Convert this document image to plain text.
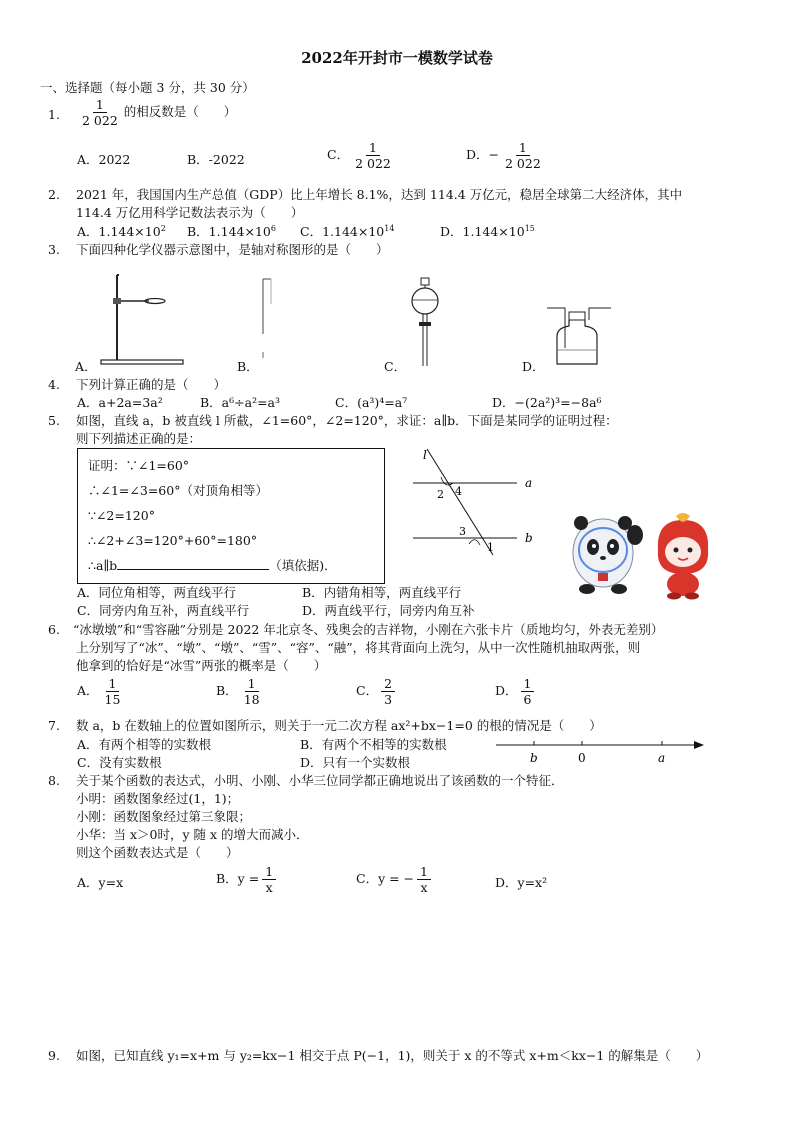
2022年开封市一模数学试卷
一、选择题（每小题 3 分，共 30 分）
1. $\frac{1}{2 022}$ 的相反数是（　　）
A．2022	B．-2022	C． $\frac{1}{2 022}$	D．− $\frac{1}{2 022}$
2. 2021 年，我国国内生产总值（GDP）比上年增长 8.1%，达到 114.4 万亿元，稳居全球第二大经济体，其中
114.4 万亿用科学记数法表示为（　　）
A．$1.144\times 10^2$ B．$1.144\times 10^6$ C．$1.144\times 10^{14}$	D．$1.144\times 10^{15}$
3. 下面四种化学仪器示意图中，是轴对称图形的是（　　）
A．	B．	C．	D．
4. 下列计算正确的是（　　）
A．a+2a=3a²	B．a⁶÷a²=a³	C．(a³)⁴=a⁷	D．−(2a²)³=−8a⁶
5. 如图，直线 a，b 被直线 l 所截，∠1=60°，∠2=120°，求证：a∥b．下面是某同学的证明过程：
则下列描述正确的是：
证明：∵∠1=60°
∴∠1=∠3=60°（对顶角相等）
∵∠2=120°
∴∠2+∠3=120°+60°=180°
∴a∥b	（填依据)．
l
a
b
2 4
3
1
A．同位角相等，两直线平行	B．内错角相等，两直线平行
C．同旁内角互补，两直线平行	D．两直线平行，同旁内角互补
6. “冰墩墩”和“雪容融”分别是 2022 年北京冬、残奥会的吉祥物，小刚在六张卡片（质地均匀，外表无差别）
上分别写了“冰”、“墩”、“墩”、“雪”、“容”、“融”，将其背面向上洗匀，从中一次性随机抽取两张，则
他拿到的恰好是“冰雪”两张的概率是（　　）
A． $\frac{1}{15}$	B． $\frac{1}{18}$	C． $\frac{2}{3}$	D． $\frac{1}{6}$
7. 数 a，b 在数轴上的位置如图所示，则关于一元二次方程 ax²+bx−1=0 的根的情况是（　　）
A．有两个相等的实数根	B．有两个不相等的实数根
C．没有实数根	D．只有一个实数根	b	0	a
8. 关于某个函数的表达式，小明、小刚、小华三位同学都正确地说出了该函数的一个特征．
小明：函数图象经过(1，1)；
小刚：函数图象经过第三象限；
小华：当 x＞0时，y 随 x 的增大而减小．
则这个函数表达式是（　　）
A．y=x	B．$y = \frac{1}{x}$	C．y = − $\frac{1}{x}$	D．y=x²
9. 如图，已知直线 y₁=x+m 与 y₂=kx−1 相交于点 P(−1，1)，则关于 x 的不等式 x+m＜kx−1 的解集是（　　）
